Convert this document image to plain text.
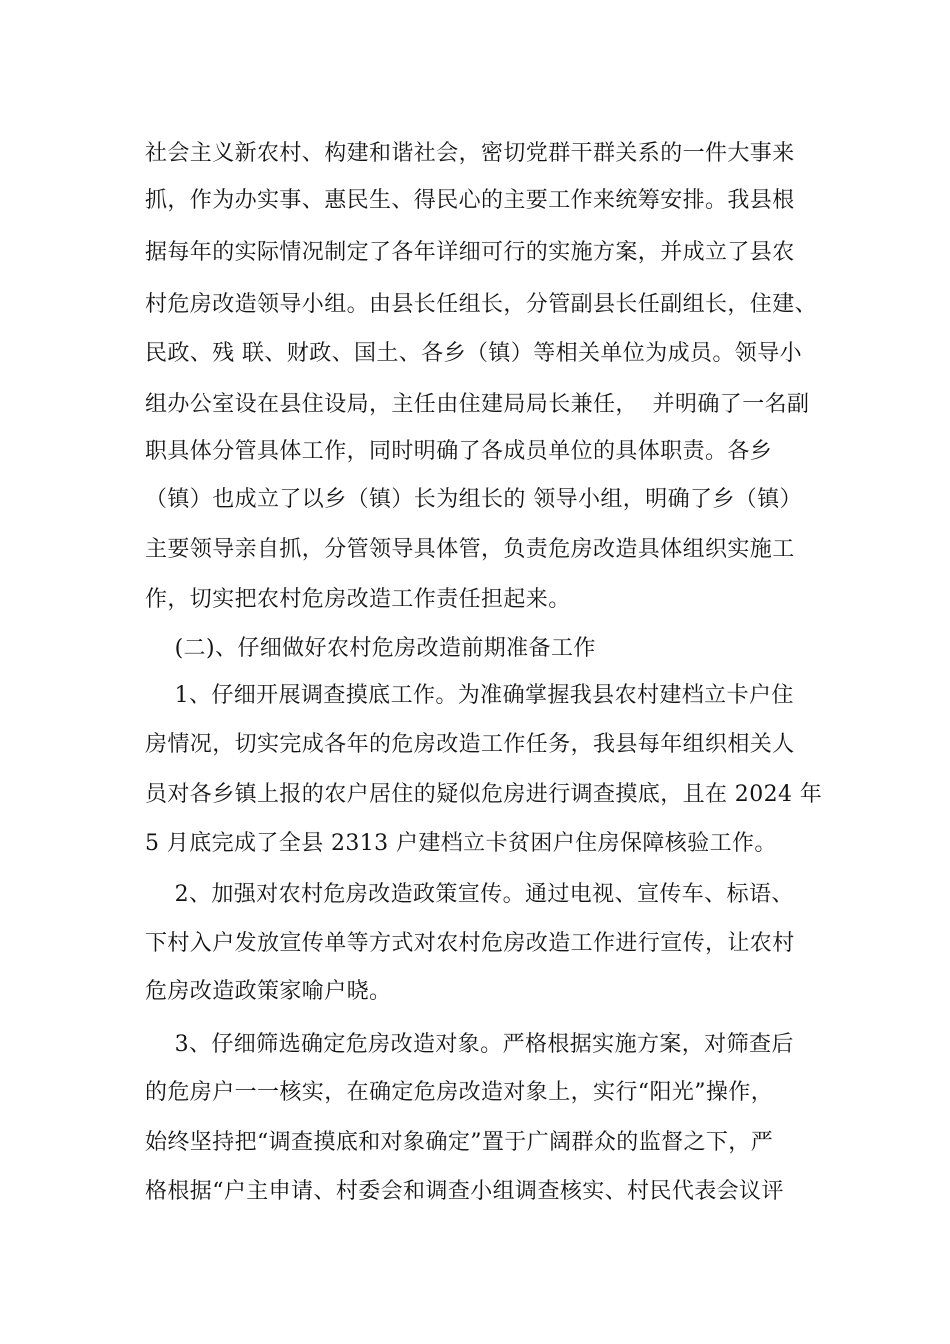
社会主义新农村、构建和谐社会，密切党群干群关系的一件大事来
抓，作为办实事、惠民生、得民心的主要工作来统筹安排。我县根
据每年的实际情况制定了各年详细可行的实施方案，并成立了县农
村危房改造领导小组。由县长任组长，分管副县长任副组长，住建、
民政、残 联、财政、国土、各乡（镇）等相关单位为成员。领导小
组办公室设在县住设局，主任由住建局局长兼任，  并明确了一名副
职具体分管具体工作，同时明确了各成员单位的具体职责。各乡
（镇）也成立了以乡（镇）长为组长的 领导小组，明确了乡（镇）
主要领导亲自抓，分管领导具体管，负责危房改造具体组织实施工
作，切实把农村危房改造工作责任担起来。
(二)、仔细做好农村危房改造前期准备工作
1、仔细开展调查摸底工作。为准确掌握我县农村建档立卡户住
房情况，切实完成各年的危房改造工作任务，我县每年组织相关人
员对各乡镇上报的农户居住的疑似危房进行调查摸底，且在 2024 年
5 月底完成了全县 2313 户建档立卡贫困户住房保障核验工作。
2、加强对农村危房改造政策宣传。通过电视、宣传车、标语、
下村入户发放宣传单等方式对农村危房改造工作进行宣传，让农村
危房改造政策家喻户晓。
3、仔细筛选确定危房改造对象。严格根据实施方案，对筛查后
的危房户一一核实，在确定危房改造对象上，实行“阳光”操作，
始终坚持把“调查摸底和对象确定”置于广阔群众的监督之下，严
格根据“户主申请、村委会和调查小组调查核实、村民代表会议评
